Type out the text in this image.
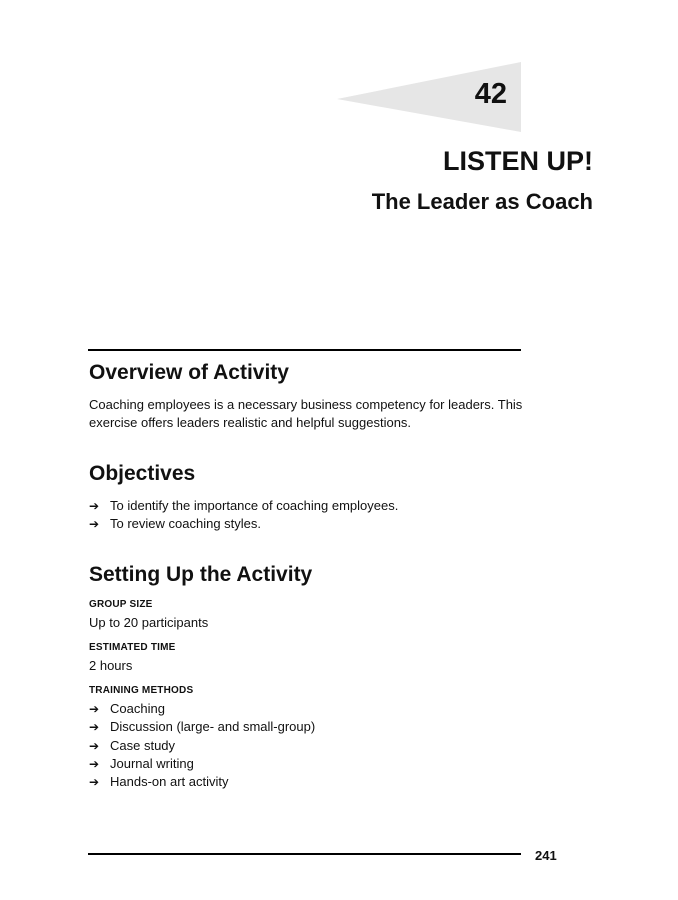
42
LISTEN UP!
The Leader as Coach
Overview of Activity

Coaching employees is a necessary business competency for leaders. This exercise offers leaders realistic and helpful suggestions.

Objectives
➔ To identify the importance of coaching employees.
➔ To review coaching styles.
Setting Up the Activity

GROUP SIZE

Up to 20 participants

ESTIMATED TIME

2 hours

TRAINING METHODS

➔ Coaching
➔ Discussion (large- and small-group)
➔ Case study
➔ Journal writing
➔ Hands-on art activity
241
